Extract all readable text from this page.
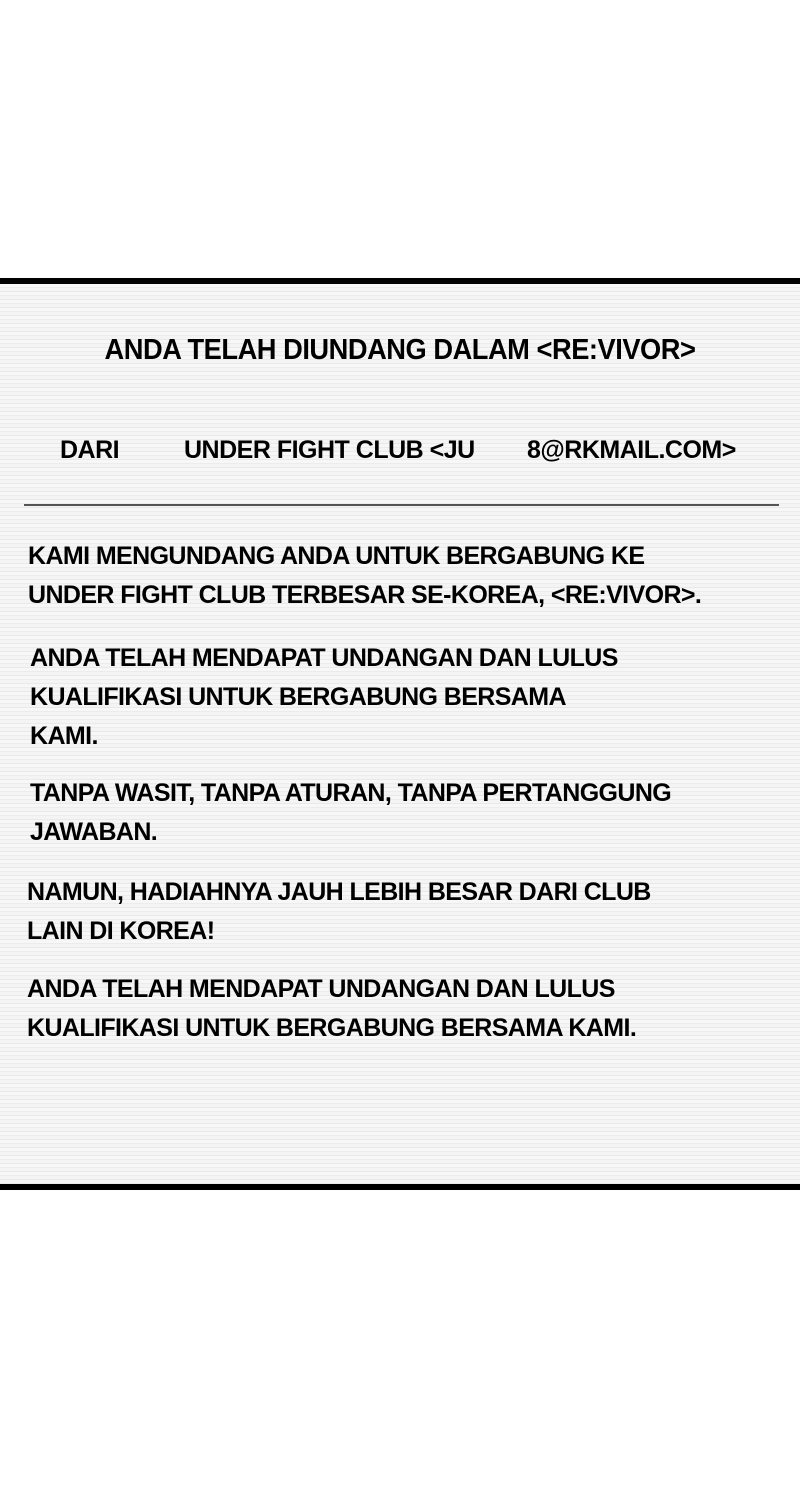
ANDA TELAH DIUNDANG DALAM <RE:VIVOR>
DARI	UNDER FIGHT CLUB <JU 8@RKMAIL.COM>
KAMI MENGUNDANG ANDA UNTUK BERGABUNG KE
UNDER FIGHT CLUB TERBESAR SE-KOREA, <RE:VIVOR>.
ANDA TELAH MENDAPAT UNDANGAN DAN LULUS
KUALIFIKASI UNTUK BERGABUNG BERSAMA
KAMI.
TANPA WASIT, TANPA ATURAN, TANPA PERTANGGUNG
JAWABAN.
NAMUN, HADIAHNYA JAUH LEBIH BESAR DARI CLUB
LAIN DI KOREA!
ANDA TELAH MENDAPAT UNDANGAN DAN LULUS
KUALIFIKASI UNTUK BERGABUNG BERSAMA KAMI.
